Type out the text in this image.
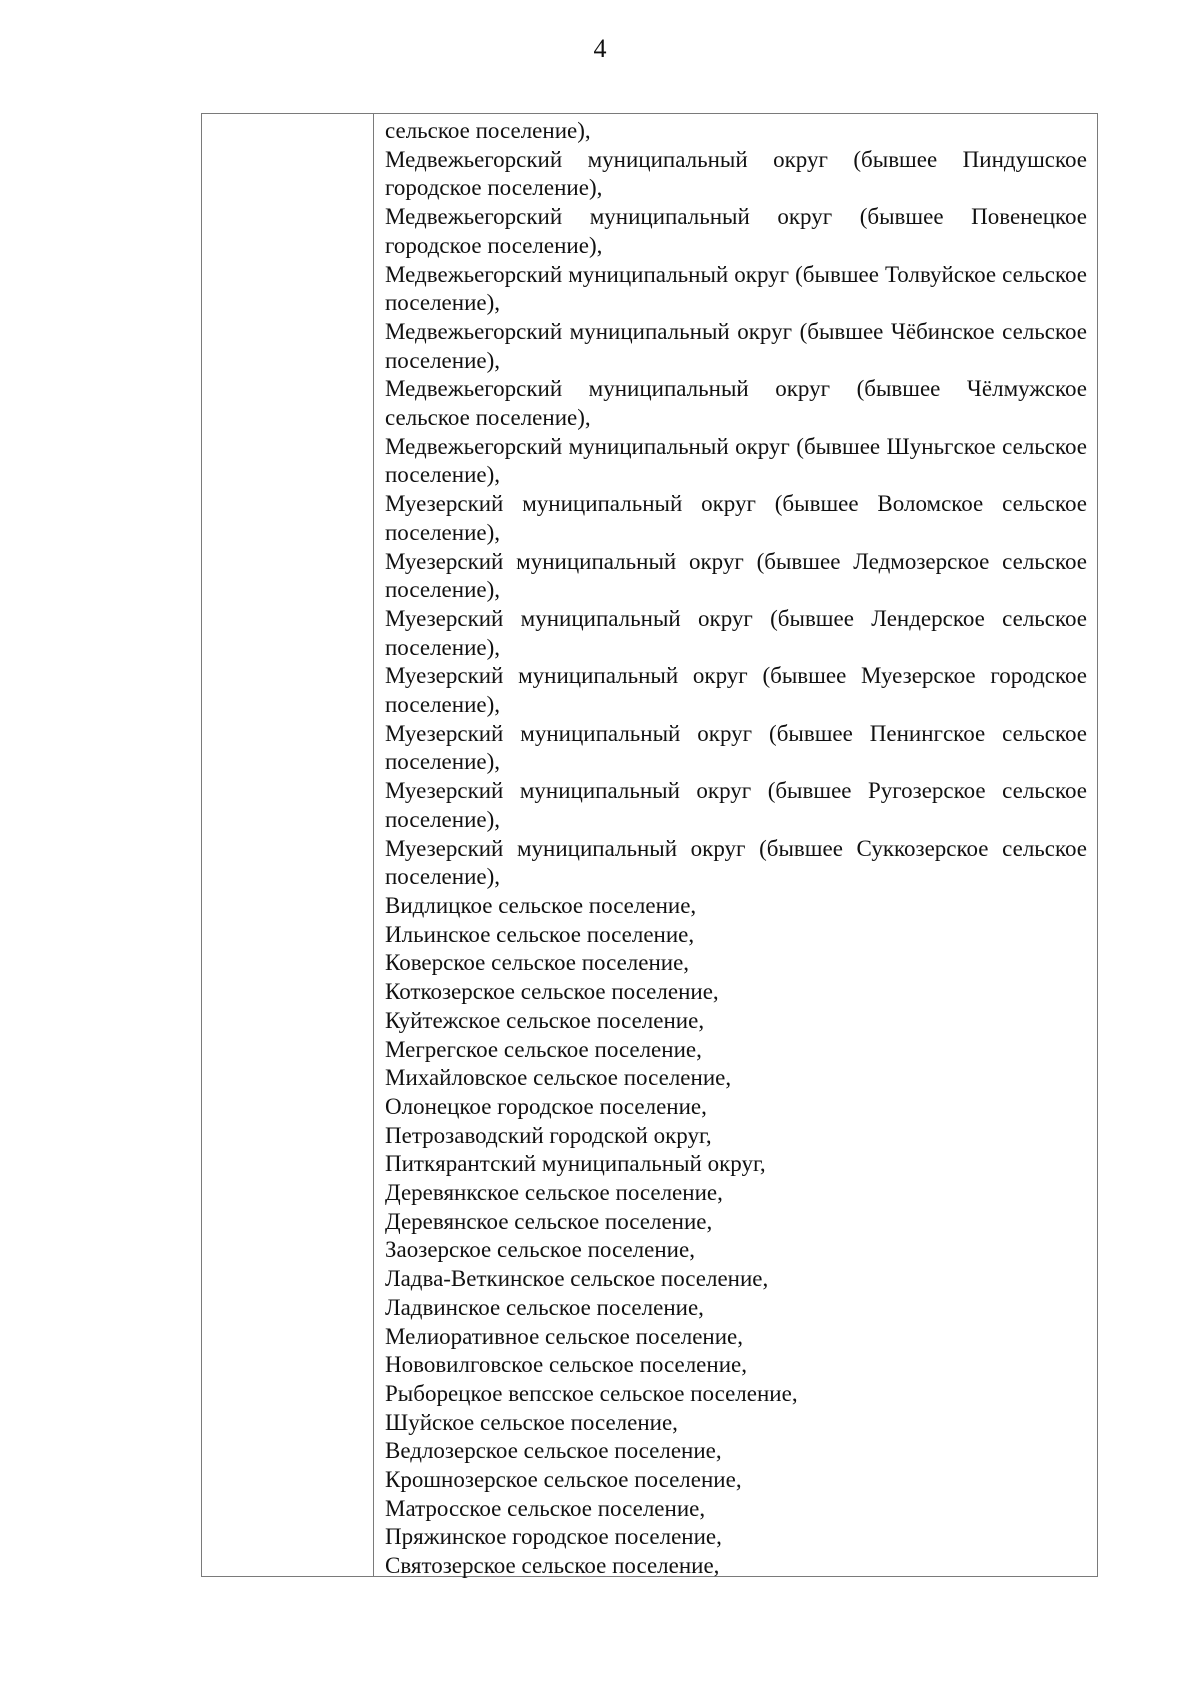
4
сельское поселение),
Медвежьегорский муниципальный округ (бывшее Пиндушское городское поселение),
Медвежьегорский муниципальный округ (бывшее Повенецкое городское поселение),
Медвежьегорский муниципальный округ (бывшее Толвуйское сельское поселение),
Медвежьегорский муниципальный округ (бывшее Чёбинское сельское поселение),
Медвежьегорский муниципальный округ (бывшее Чёлмужское сельское поселение),
Медвежьегорский муниципальный округ (бывшее Шуньгское сельское поселение),
Муезерский муниципальный округ (бывшее Воломское сельское поселение),
Муезерский муниципальный округ (бывшее Ледмозерское сельское поселение),
Муезерский муниципальный округ (бывшее Лендерское сельское поселение),
Муезерский муниципальный округ (бывшее Муезерское городское поселение),
Муезерский муниципальный округ (бывшее Пенингское сельское поселение),
Муезерский муниципальный округ (бывшее Ругозерское сельское поселение),
Муезерский муниципальный округ (бывшее Суккозерское сельское поселение),
Видлицкое сельское поселение,
Ильинское сельское поселение,
Коверское сельское поселение,
Коткозерское сельское поселение,
Куйтежское сельское поселение,
Мегрегское сельское поселение,
Михайловское сельское поселение,
Олонецкое городское поселение,
Петрозаводский городской округ,
Питкярантский муниципальный округ,
Деревянкское сельское поселение,
Деревянское сельское поселение,
Заозерское сельское поселение,
Ладва-Веткинское сельское поселение,
Ладвинское сельское поселение,
Мелиоративное сельское поселение,
Нововилговское сельское поселение,
Рыборецкое вепсское сельское поселение,
Шуйское сельское поселение,
Ведлозерское сельское поселение,
Крошнозерское сельское поселение,
Матросское сельское поселение,
Пряжинское городское поселение,
Святозерское сельское поселение,
